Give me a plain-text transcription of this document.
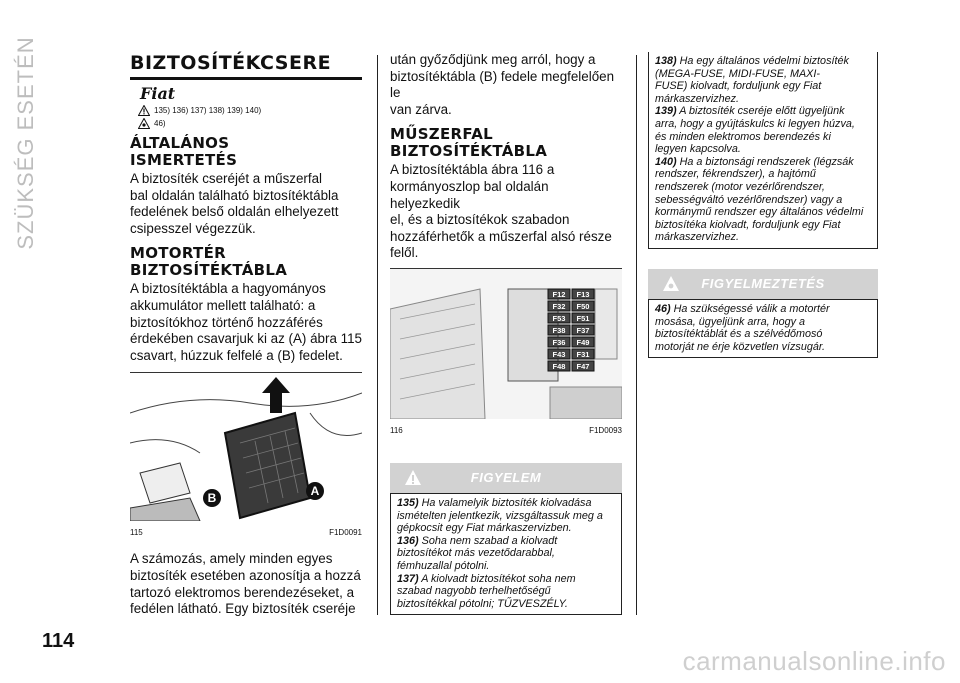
SZÜKSÉG ESETÉN	BIZTOSÍTÉKCSERE
Fiat
135) 136) 137) 138) 139) 140)
46)
ÁLTALÁNOS
ISMERTETÉS

A biztosíték cseréjét a műszerfal
bal oldalán található biztosítéktábla
fedelének belső oldalán elhelyezett
csipesszel végezzük.

MOTORTÉR
BIZTOSÍTÉKTÁBLA

A biztosítéktábla a hagyományos
akkumulátor mellett található: a
biztosítókhoz történő hozzáférés
érdekében csavarjuk ki az (A) ábra 115
csavart, húzzuk felfelé a (B) fedelet.

A
B
115	F1D0091

A számozás, amely minden egyes
biztosíték esetében azonosítja a hozzá
tartozó elektromos berendezéseket, a
fedélen látható. Egy biztosíték cseréje

után győződjünk meg arról, hogy a
biztosítéktábla (B) fedele megfelelően le
van zárva.

MŰSZERFAL
BIZTOSÍTÉKTÁBLA

A biztosítéktábla ábra 116 a
kormányoszlop bal oldalán helyezkedik
el, és a biztosítékok szabadon
hozzáférhetők a műszerfal alsó része
felől.

F12 F13
F32 F50
F53 F51
F38 F37
F36 F49
F43 F31
F48 F47
116	F1D0093
FIGYELEM

135) Ha valamelyik biztosíték kiolvadása
ismételten jelentkezik, vizsgáltassuk meg a
gépkocsit egy Fiat márkaszervizben.

136) Soha nem szabad a kiolvadt
biztosítékot más vezetődarabbal,
fémhuzallal pótolni.

137) A kiolvadt biztosítékot soha nem
szabad nagyobb terhelhetőségű
biztosítékkal pótolni; TŰZVESZÉLY.

138) Ha egy általános védelmi biztosíték
(MEGA-FUSE, MIDI-FUSE, MAXI-
FUSE) kiolvadt, forduljunk egy Fiat
márkaszervizhez.

139) A biztosíték cseréje előtt ügyeljünk
arra, hogy a gyújtáskulcs ki legyen húzva,
és minden elektromos berendezés ki
legyen kapcsolva.

140) Ha a biztonsági rendszerek (légzsák
rendszer, fékrendszer), a hajtómű
rendszerek (motor vezérlőrendszer,
sebességváltó vezérlőrendszer) vagy a
kormánymű rendszer egy általános védelmi
biztosítéka kiolvadt, forduljunk egy Fiat
márkaszervizhez.

FIGYELMEZTETÉS

46) Ha szükségessé válik a motortér
mosása, ügyeljünk arra, hogy a
biztosítéktáblát és a szélvédőmosó
motorját ne érje közvetlen vízsugár.

114
carmanualsonline.info
